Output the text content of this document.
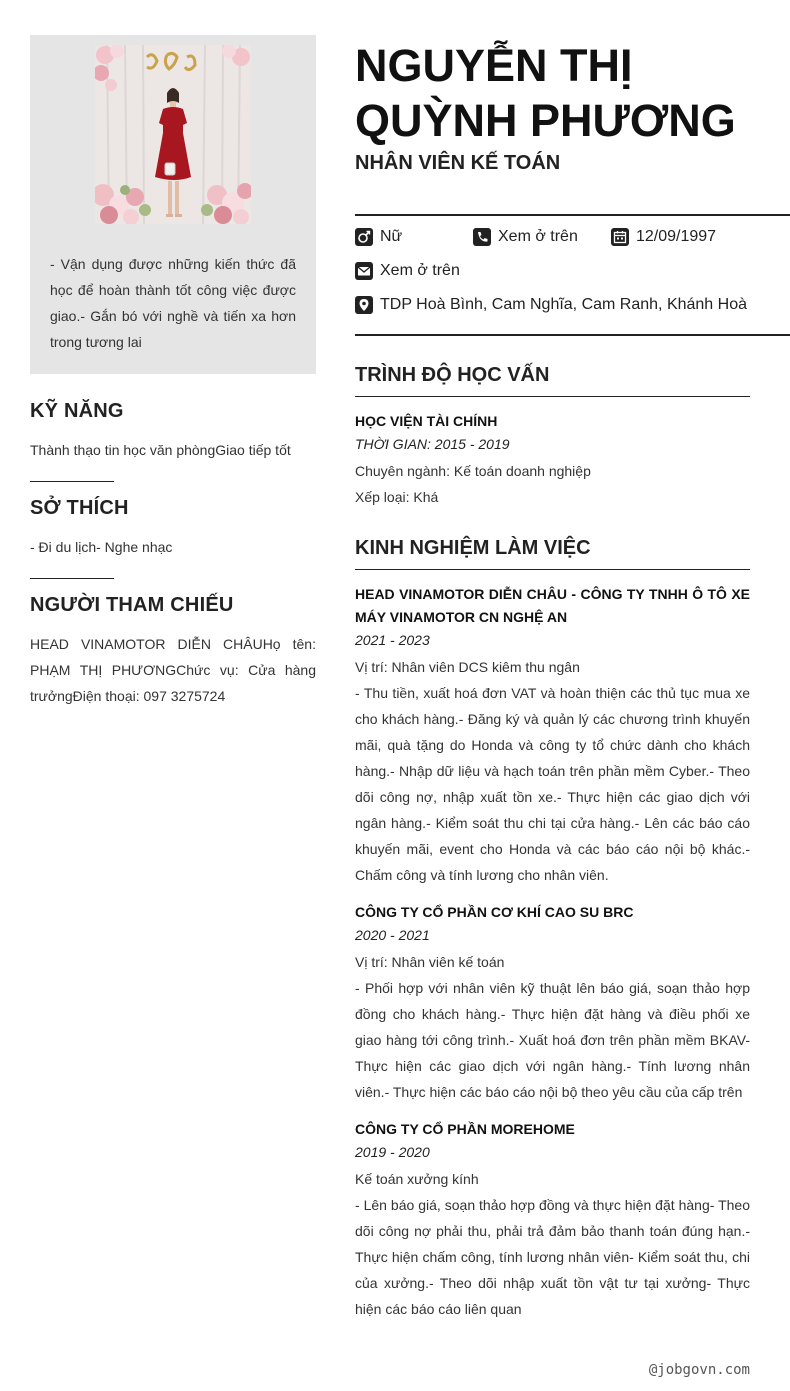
- Vận dụng được những kiến thức đã học để hoàn thành tốt công việc được giao.- Gắn bó với nghề và tiến xa hơn trong tương lai
KỸ NĂNG
Thành thạo tin học văn phòngGiao tiếp tốt
SỞ THÍCH
- Đi du lịch- Nghe nhạc
NGƯỜI THAM CHIẾU
HEAD VINAMOTOR DIỄN CHÂUHọ tên: PHẠM THỊ PHƯƠNGChức vụ: Cửa hàng trưởngĐiện thoại: 097 3275724
NGUYỄN THỊ
QUỲNH PHƯƠNG
NHÂN VIÊN KẾ TOÁN
Nữ	Xem ở trên	12/09/1997
Xem ở trên
TDP Hoà Bình, Cam Nghĩa, Cam Ranh, Khánh Hoà
TRÌNH ĐỘ HỌC VẤN
HỌC VIỆN TÀI CHÍNH
THỜI GIAN: 2015 - 2019
Chuyên ngành: Kế toán doanh nghiệp
Xếp loại: Khá
KINH NGHIỆM LÀM VIỆC
HEAD VINAMOTOR DIỄN CHÂU - CÔNG TY TNHH Ô TÔ XE MÁY VINAMOTOR CN NGHỆ AN
2021 - 2023
Vị trí: Nhân viên DCS kiêm thu ngân
- Thu tiền, xuất hoá đơn VAT và hoàn thiện các thủ tục mua xe cho khách hàng.- Đăng ký và quản lý các chương trình khuyến mãi, quà tặng do Honda và công ty tổ chức dành cho khách hàng.- Nhập dữ liệu và hạch toán trên phần mềm Cyber.- Theo dõi công nợ, nhập xuất tồn xe.- Thực hiện các giao dịch với ngân hàng.- Kiểm soát thu chi tại cửa hàng.- Lên các báo cáo khuyến mãi, event cho Honda và các báo cáo nội bộ khác.- Chấm công và tính lương cho nhân viên.
CÔNG TY CỔ PHẦN CƠ KHÍ CAO SU BRC
2020 - 2021
Vị trí: Nhân viên kế toán
- Phối hợp với nhân viên kỹ thuật lên báo giá, soạn thảo hợp đồng cho khách hàng.- Thực hiện đặt hàng và điều phối xe giao hàng tới công trình.- Xuất hoá đơn trên phần mềm BKAV- Thực hiện các giao dịch với ngân hàng.- Tính lương nhân viên.- Thực hiện các báo cáo nội bộ theo yêu cầu của cấp trên
CÔNG TY CỔ PHẦN MOREHOME
2019 - 2020
Kế toán xưởng kính
- Lên báo giá, soạn thảo hợp đồng và thực hiện đặt hàng- Theo dõi công nợ phải thu, phải trả đảm bảo thanh toán đúng hạn.- Thực hiện chấm công, tính lương nhân viên- Kiểm soát thu, chi của xưởng.- Theo dõi nhập xuất tồn vật tư tại xưởng- Thực hiện các báo cáo liên quan
@jobgovn.com
